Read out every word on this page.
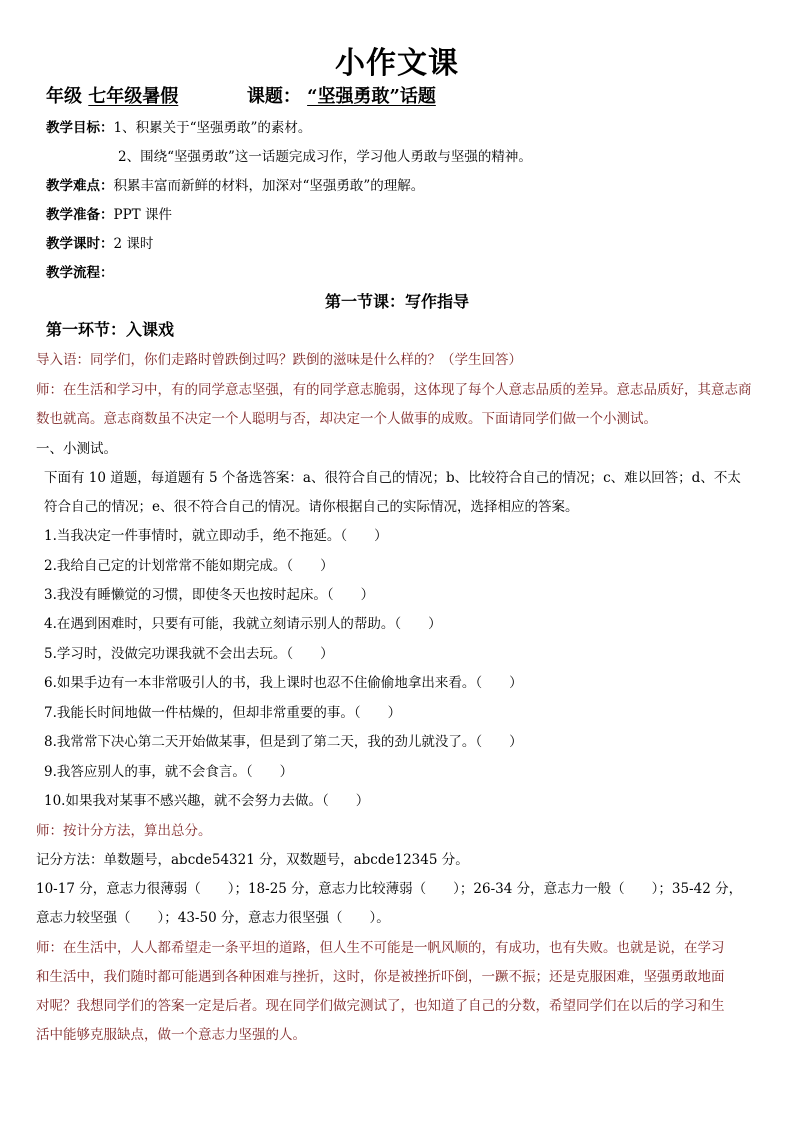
小作文课
年级 七年级暑假	课题： “坚强勇敢”话题
教学目标：1、积累关于“坚强勇敢”的素材。
2、围绕“坚强勇敢”这一话题完成习作，学习他人勇敢与坚强的精神。
教学难点：积累丰富而新鲜的材料，加深对“坚强勇敢”的理解。
教学准备：PPT 课件
教学课时：2 课时
教学流程：
第一节课：写作指导
第一环节：入课戏
导入语：同学们，你们走路时曾跌倒过吗？跌倒的滋味是什么样的？（学生回答）
师：在生活和学习中，有的同学意志坚强，有的同学意志脆弱，这体现了每个人意志品质的差异。意志品质好，其意志商
数也就高。意志商数虽不决定一个人聪明与否，却决定一个人做事的成败。下面请同学们做一个小测试。
一、小测试。
下面有 10 道题，每道题有 5 个备选答案：a、很符合自己的情况；b、比较符合自己的情况；c、难以回答；d、不太
符合自己的情况；e、很不符合自己的情况。请你根据自己的实际情况，选择相应的答案。
1.当我决定一件事情时，就立即动手，绝不拖延。（　　）
2.我给自己定的计划常常不能如期完成。（　　）
3.我没有睡懒觉的习惯，即使冬天也按时起床。（　　）
4.在遇到困难时，只要有可能，我就立刻请示别人的帮助。（　　）
5.学习时，没做完功课我就不会出去玩。（　　）
6.如果手边有一本非常吸引人的书，我上课时也忍不住偷偷地拿出来看。（　　）
7.我能长时间地做一件枯燥的，但却非常重要的事。（　　）
8.我常常下决心第二天开始做某事，但是到了第二天，我的劲儿就没了。（　　）
9.我答应别人的事，就不会食言。（　　）
10.如果我对某事不感兴趣，就不会努力去做。（　　）
师：按计分方法，算出总分。
记分方法：单数题号，abcde54321 分，双数题号，abcde12345 分。
10-17 分，意志力很薄弱（　　）；18-25 分，意志力比较薄弱（　　）；26-34 分，意志力一般（　　）；35-42 分，
意志力较坚强（　　）；43-50 分，意志力很坚强（　　）。
师：在生活中，人人都希望走一条平坦的道路，但人生不可能是一帆风顺的，有成功，也有失败。也就是说，在学习
和生活中，我们随时都可能遇到各种困难与挫折，这时，你是被挫折吓倒，一蹶不振；还是克服困难，坚强勇敢地面
对呢？我想同学们的答案一定是后者。现在同学们做完测试了，也知道了自己的分数，希望同学们在以后的学习和生
活中能够克服缺点，做一个意志力坚强的人。
